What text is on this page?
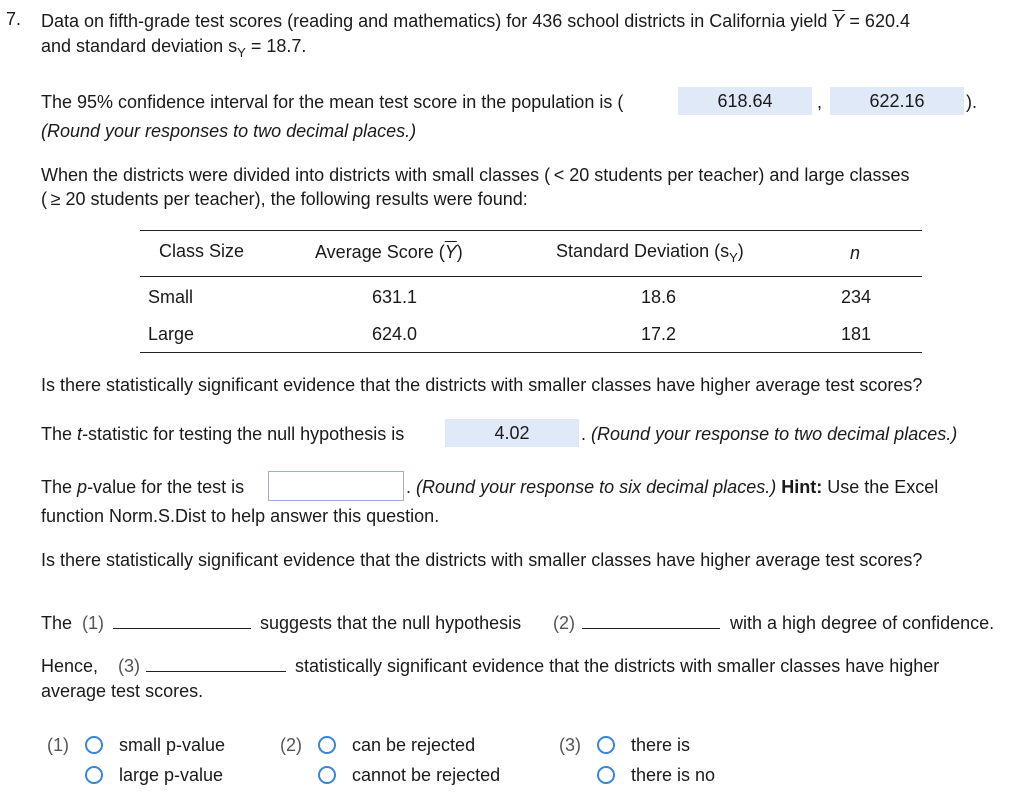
7. Data on fifth-grade test scores (reading and mathematics) for 436 school districts in California yield $\overline{Y} = 620.4$
and standard deviation $s_Y = 18.7$.
The 95% confidence interval for the mean test score in the population is (	618.64	,	622.16	).
(Round your responses to two decimal places.)
When the districts were divided into districts with small classes ( < 20 students per teacher) and large classes
( ≥ 20 students per teacher), the following results were found:
Class Size	Average Score $(\overline{Y})$	Standard Deviation $(s_Y)$	n
Small	631.1	18.6	234
Large	624.0	17.2	181
Is there statistically significant evidence that the districts with smaller classes have higher average test scores?
The t-statistic for testing the null hypothesis is	4.02	. (Round your response to two decimal places.)
The p-value for the test is	. (Round your response to six decimal places.) Hint: Use the Excel
function Norm.S.Dist to help answer this question.
Is there statistically significant evidence that the districts with smaller classes have higher average test scores?
The (1)	suggests that the null hypothesis (2)	with a high degree of confidence.
Hence, (3)	statistically significant evidence that the districts with smaller classes have higher
average test scores.
(1)	small p-value
large p-value
(2)	can be rejected
cannot be rejected
(3)	there is
there is no
